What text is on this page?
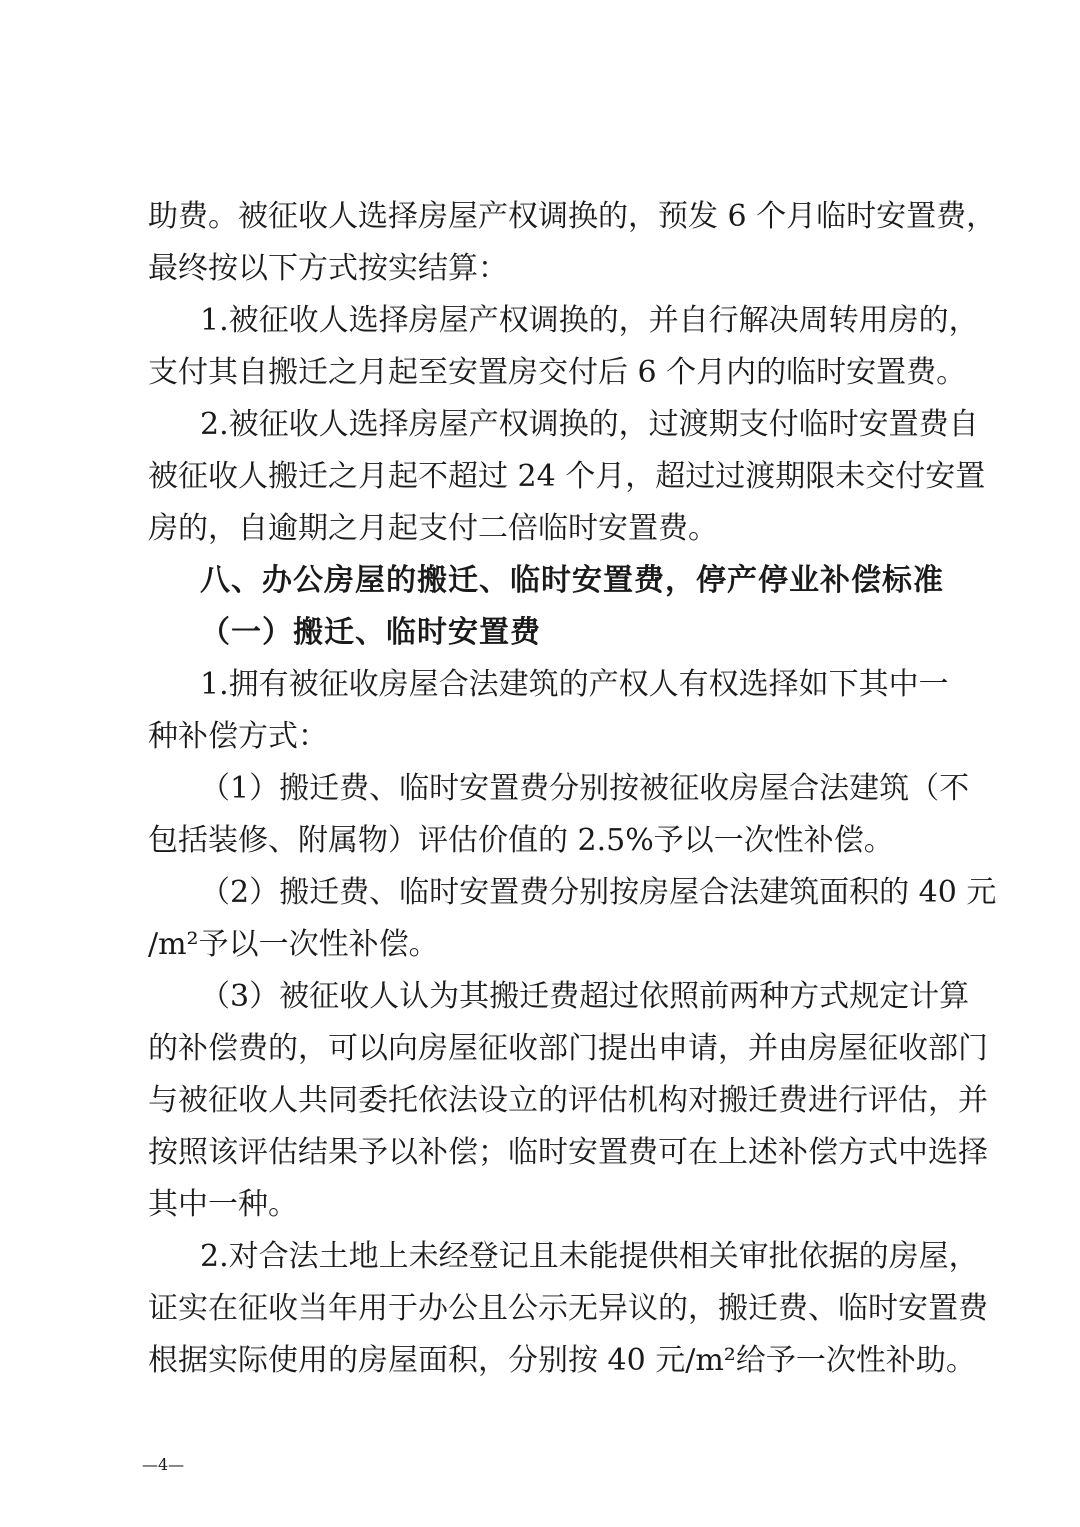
助费。被征收人选择房屋产权调换的，预发 6 个月临时安置费，
最终按以下方式按实结算：
1.被征收人选择房屋产权调换的，并自行解决周转用房的，
支付其自搬迁之月起至安置房交付后 6 个月内的临时安置费。
2.被征收人选择房屋产权调换的，过渡期支付临时安置费自
被征收人搬迁之月起不超过 24 个月，超过过渡期限未交付安置
房的，自逾期之月起支付二倍临时安置费。
八、办公房屋的搬迁、临时安置费，停产停业补偿标准
（一）搬迁、临时安置费
1.拥有被征收房屋合法建筑的产权人有权选择如下其中一
种补偿方式：
（1）搬迁费、临时安置费分别按被征收房屋合法建筑（不
包括装修、附属物）评估价值的 2.5%予以一次性补偿。
（2）搬迁费、临时安置费分别按房屋合法建筑面积的 40 元
/m²予以一次性补偿。
（3）被征收人认为其搬迁费超过依照前两种方式规定计算
的补偿费的，可以向房屋征收部门提出申请，并由房屋征收部门
与被征收人共同委托依法设立的评估机构对搬迁费进行评估，并
按照该评估结果予以补偿；临时安置费可在上述补偿方式中选择
其中一种。
2.对合法土地上未经登记且未能提供相关审批依据的房屋，
证实在征收当年用于办公且公示无异议的，搬迁费、临时安置费
根据实际使用的房屋面积，分别按 40 元/m²给予一次性补助。
—4—
